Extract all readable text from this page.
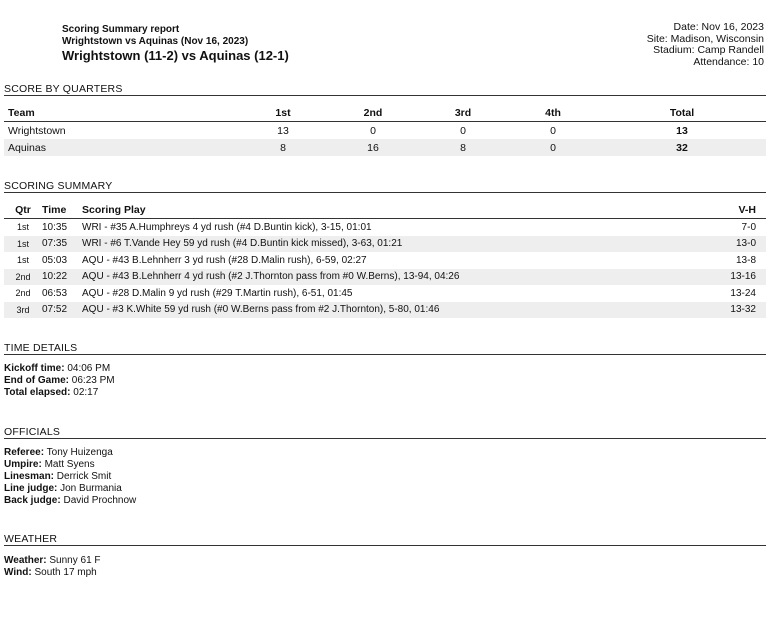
Scoring Summary report
Wrightstown vs Aquinas (Nov 16, 2023)
Wrightstown (11-2) vs Aquinas (12-1)
Date: Nov 16, 2023
Site: Madison, Wisconsin
Stadium: Camp Randell
Attendance: 10
SCORE BY QUARTERS
Team	1st	2nd	3rd	4th	Total
Wrightstown	13	0	0	0	13
Aquinas	8	16	8	0	32
SCORING SUMMARY
Qtr	Time	Scoring Play	V-H
1st	10:35	WRI - #35 A.Humphreys 4 yd rush (#4 D.Buntin kick), 3-15, 01:01	7-0
1st	07:35	WRI - #6 T.Vande Hey 59 yd rush (#4 D.Buntin kick missed), 3-63, 01:21	13-0
1st	05:03	AQU - #43 B.Lehnherr 3 yd rush (#28 D.Malin rush), 6-59, 02:27	13-8
2nd	10:22	AQU - #43 B.Lehnherr 4 yd rush (#2 J.Thornton pass from #0 W.Berns), 13-94, 04:26	13-16
2nd	06:53	AQU - #28 D.Malin 9 yd rush (#29 T.Martin rush), 6-51, 01:45	13-24
3rd	07:52	AQU - #3 K.White 59 yd rush (#0 W.Berns pass from #2 J.Thornton), 5-80, 01:46	13-32
TIME DETAILS
Kickoff time: 04:06 PM
End of Game: 06:23 PM
Total elapsed: 02:17
OFFICIALS
Referee: Tony Huizenga
Umpire: Matt Syens
Linesman: Derrick Smit
Line judge: Jon Burmania
Back judge: David Prochnow
WEATHER
Weather: Sunny 61 F
Wind: South 17 mph
